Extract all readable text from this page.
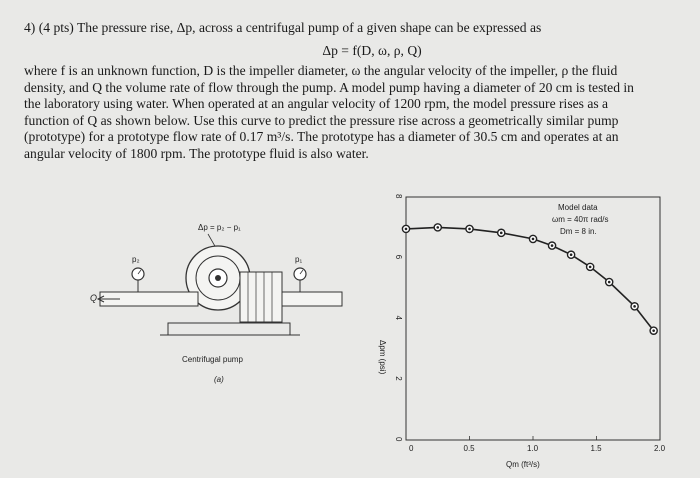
4) (4 pts) The pressure rise, Δp, across a centrifugal pump of a given shape can be expressed as

Δp = f(D, ω, ρ, Q)

where f is an unknown function, D is the impeller diameter, ω the angular velocity of the impeller, ρ the fluid
density, and Q the volume rate of flow through the pump. A model pump having a diameter of 20 cm is tested in
the laboratory using water. When operated at an angular velocity of 1200 rpm, the model pressure rises as a
function of Q as shown below. Use this curve to predict the pressure rise across a geometrically similar pump
(prototype) for a prototype flow rate of 0.17 m³/s. The prototype has a diameter of 30.5 cm and operates at an
angular velocity of 1800 rpm. The prototype fluid is also water.

Δp = p₂ − p₁
Q
p₂	p₁
Centrifugal pump
(a)
0	0.5	1.0	1.5	2.0
0
2
4
6
8
Model data
ωm = 40π rad/s
Dm = 8 in.
Qm (ft³/s)
Δpm (psi)
